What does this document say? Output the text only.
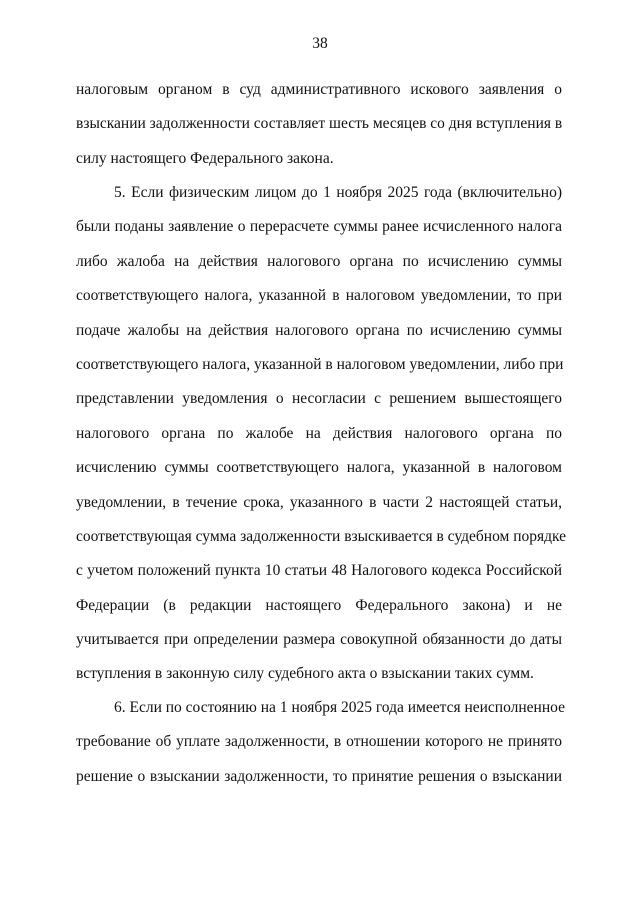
38
налоговым органом в суд административного искового заявления о
взыскании задолженности составляет шесть месяцев со дня вступления в
силу настоящего Федерального закона.
5. Если физическим лицом до 1 ноября 2025 года (включительно)
были поданы заявление о перерасчете суммы ранее исчисленного налога
либо жалоба на действия налогового органа по исчислению суммы
соответствующего налога, указанной в налоговом уведомлении, то при
подаче жалобы на действия налогового органа по исчислению суммы
соответствующего налога, указанной в налоговом уведомлении, либо при
представлении уведомления о несогласии с решением вышестоящего
налогового органа по жалобе на действия налогового органа по
исчислению суммы соответствующего налога, указанной в налоговом
уведомлении, в течение срока, указанного в части 2 настоящей статьи,
соответствующая сумма задолженности взыскивается в судебном порядке
с учетом положений пункта 10 статьи 48 Налогового кодекса Российской
Федерации (в редакции настоящего Федерального закона) и не
учитывается при определении размера совокупной обязанности до даты
вступления в законную силу судебного акта о взыскании таких сумм.
6. Если по состоянию на 1 ноября 2025 года имеется неисполненное
требование об уплате задолженности, в отношении которого не принято
решение о взыскании задолженности, то принятие решения о взыскании
